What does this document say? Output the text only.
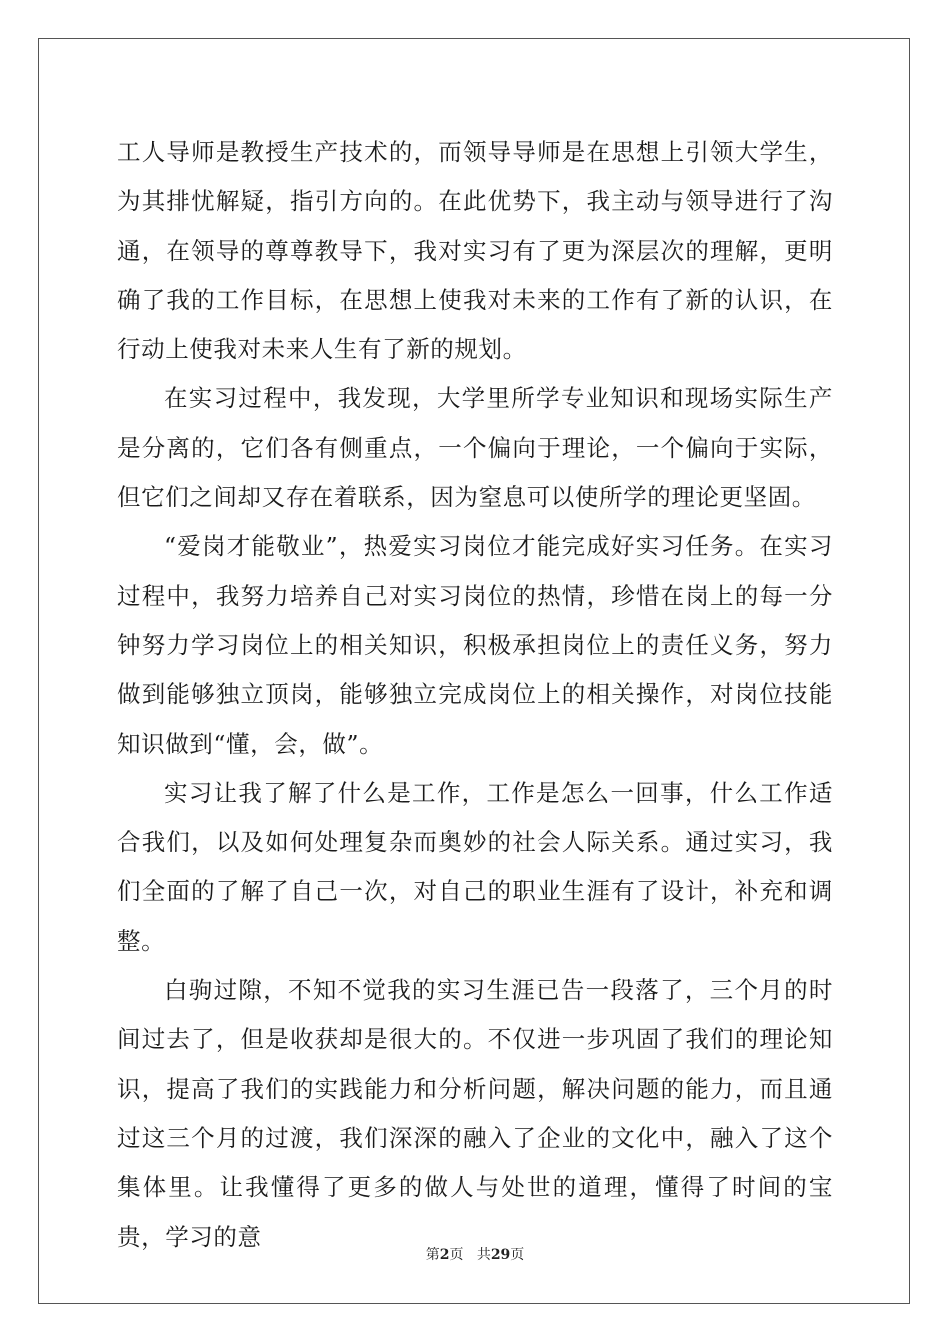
工人导师是教授生产技术的，而领导导师是在思想上引领大学生，为其排忧解疑，指引方向的。在此优势下，我主动与领导进行了沟通，在领导的尊尊教导下，我对实习有了更为深层次的理解，更明确了我的工作目标，在思想上使我对未来的工作有了新的认识，在行动上使我对未来人生有了新的规划。

在实习过程中，我发现，大学里所学专业知识和现场实际生产是分离的，它们各有侧重点，一个偏向于理论，一个偏向于实际，但它们之间却又存在着联系，因为窒息可以使所学的理论更坚固。

“爱岗才能敬业”，热爱实习岗位才能完成好实习任务。在实习过程中，我努力培养自己对实习岗位的热情，珍惜在岗上的每一分钟努力学习岗位上的相关知识，积极承担岗位上的责任义务，努力做到能够独立顶岗，能够独立完成岗位上的相关操作，对岗位技能知识做到“懂，会，做”。

实习让我了解了什么是工作，工作是怎么一回事，什么工作适合我们，以及如何处理复杂而奥妙的社会人际关系。通过实习，我们全面的了解了自己一次，对自己的职业生涯有了设计，补充和调整。

白驹过隙，不知不觉我的实习生涯已告一段落了，三个月的时间过去了，但是收获却是很大的。不仅进一步巩固了我们的理论知识，提高了我们的实践能力和分析问题，解决问题的能力，而且通过这三个月的过渡，我们深深的融入了企业的文化中，融入了这个集体里。让我懂得了更多的做人与处世的道理，懂得了时间的宝贵，学习的意

第2页 共29页
